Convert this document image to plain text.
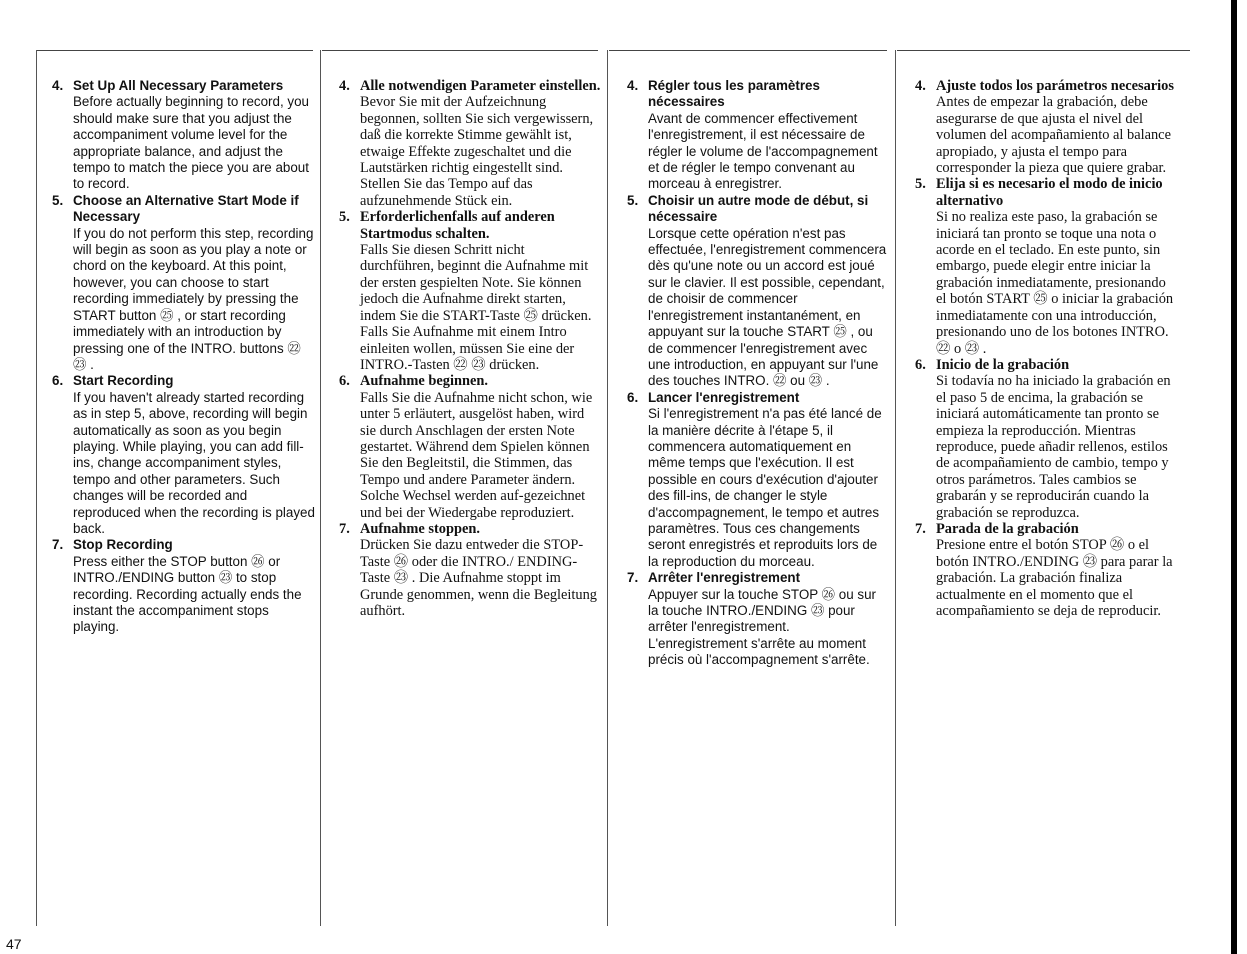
47
4. Set Up All Necessary Parameters
Before actually beginning to record, you should make sure that you adjust the accompaniment volume level for the appropriate balance, and adjust the tempo to match the piece you are about to record.
5. Choose an Alternative Start Mode if Necessary
If you do not perform this step, recording will begin as soon as you play a note or chord on the keyboard. At this point, however, you can choose to start recording immediately by pressing the START button ㉕ , or start recording immediately with an introduction by pressing one of the INTRO. buttons ㉒ ㉓ .
6. Start Recording
If you haven't already started recording as in step 5, above, recording will begin automatically as soon as you begin playing. While playing, you can add fill-ins, change accompaniment styles, tempo and other parameters. Such changes will be recorded and reproduced when the recording is played back.
7. Stop Recording
Press either the STOP button ㉖ or INTRO./ENDING button ㉓ to stop recording. Recording actually ends the instant the accompaniment stops playing.
4. Alle notwendigen Parameter einstellen.
Bevor Sie mit der Aufzeichnung begonnen, sollten Sie sich vergewissern, daß die korrekte Stimme gewählt ist, etwaige Effekte zugeschaltet und die Lautstärken richtig eingestellt sind. Stellen Sie das Tempo auf das aufzunehmende Stück ein.
5. Erforderlichenfalls auf anderen Startmodus schalten.
Falls Sie diesen Schritt nicht durchführen, beginnt die Aufnahme mit der ersten gespielten Note. Sie können jedoch die Aufnahme direkt starten, indem Sie die START-Taste ㉕ drücken. Falls Sie Aufnahme mit einem Intro einleiten wollen, müssen Sie eine der INTRO.-Tasten ㉒ ㉓ drücken.
6. Aufnahme beginnen.
Falls Sie die Aufnahme nicht schon, wie unter 5 erläutert, ausgelöst haben, wird sie durch Anschlagen der ersten Note gestartet. Während dem Spielen können Sie den Begleitstil, die Stimmen, das Tempo und andere Parameter ändern. Solche Wechsel werden auf-gezeichnet und bei der Wiedergabe reproduziert.
7. Aufnahme stoppen.
Drücken Sie dazu entweder die STOP-Taste ㉖ oder die INTRO./ ENDING-Taste ㉓ . Die Aufnahme stoppt im Grunde genommen, wenn die Begleitung aufhört.
4. Régler tous les paramètres nécessaires
Avant de commencer effectivement l'enregistrement, il est nécessaire de régler le volume de l'accompagnement et de régler le tempo convenant au morceau à enregistrer.
5. Choisir un autre mode de début, si nécessaire
Lorsque cette opération n'est pas effectuée, l'enregistrement commencera dès qu'une note ou un accord est joué sur le clavier. Il est possible, cependant, de choisir de commencer l'enregistrement instantanément, en appuyant sur la touche START ㉕ , ou de commencer l'enregistrement avec une introduction, en appuyant sur l'une des touches INTRO. ㉒ ou ㉓ .
6. Lancer l'enregistrement
Si l'enregistrement n'a pas été lancé de la manière décrite à l'étape 5, il commencera automatiquement en même temps que l'exécution. Il est possible en cours d'exécution d'ajouter des fill-ins, de changer le style d'accompagnement, le tempo et autres paramètres. Tous ces changements seront enregistrés et reproduits lors de la reproduction du morceau.
7. Arrêter l'enregistrement
Appuyer sur la touche STOP ㉖ ou sur la touche INTRO./ENDING ㉓ pour arrêter l'enregistrement. L'enregistrement s'arrête au moment précis où l'accompagnement s'arrête.
4. Ajuste todos los parámetros necesarios
Antes de empezar la grabación, debe asegurarse de que ajusta el nivel del volumen del acompañamiento al balance apropiado, y ajusta el tempo para corresponder la pieza que quiere grabar.
5. Elija si es necesario el modo de inicio alternativo
Si no realiza este paso, la grabación se iniciará tan pronto se toque una nota o acorde en el teclado. En este punto, sin embargo, puede elegir entre iniciar la grabación inmediatamente, presionando el botón START ㉕ o iniciar la grabación inmediatamente con una introducción, presionando uno de los botones INTRO. ㉒ o ㉓ .
6. Inicio de la grabación
Si todavía no ha iniciado la grabación en el paso 5 de encima, la grabación se iniciará automáticamente tan pronto se empieza la reproducción. Mientras reproduce, puede añadir rellenos, estilos de acompañamiento de cambio, tempo y otros parámetros. Tales cambios se grabarán y se reproducirán cuando la grabación se reproduzca.
7. Parada de la grabación
Presione entre el botón STOP ㉖ o el botón INTRO./ENDING ㉓ para parar la grabación. La grabación finaliza actualmente en el momento que el acompañamiento se deja de reproducir.
